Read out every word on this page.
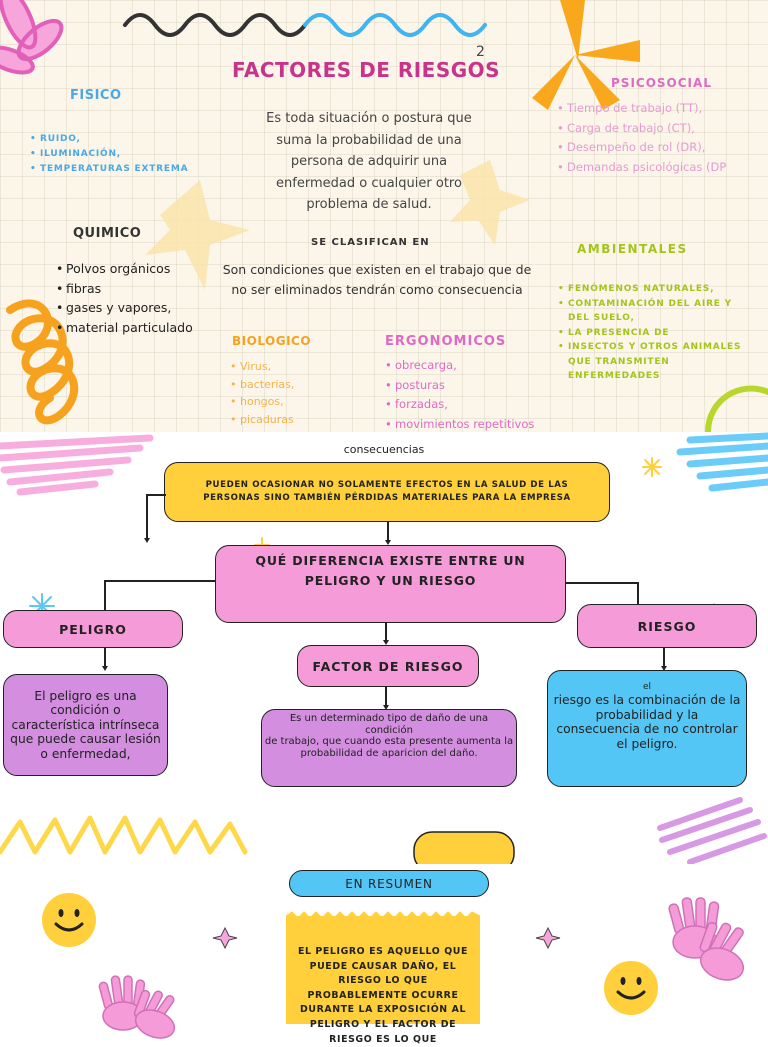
FACTORES DE RIESGOS
2
Es toda situación o postura que suma la probabilidad de una persona de adquirir una enfermedad o cualquier otro problema de salud.
FISICO
• RUIDO,
• ILUMINACIÓN,
• TEMPERATURAS EXTREMA
QUIMICO
• Polvos orgánicos
• fibras
• gases y vapores,
• material particulado
SE CLASIFICAN EN
Son condiciones que existen en el trabajo que de no ser eliminados tendrán como consecuencia
PSICOSOCIAL
• Tiempo de trabajo (TT),
• Carga de trabajo (CT),
• Desempeño de rol (DR),
• Demandas psicológicas (DP
AMBIENTALES
• FENÓMENOS NATURALES,
• CONTAMINACIÓN DEL AIRE Y DEL SUELO,
• LA PRESENCIA DE
• INSECTOS Y OTROS ANIMALES QUE TRANSMITEN ENFERMEDADES
BIOLOGICO
• Virus,
• bacterias,
• hongos,
• picaduras
ERGONOMICOS
• obrecarga,
• posturas
• forzadas,
• movimientos repetitivos
consecuencias
PUEDEN OCASIONAR NO SOLAMENTE EFECTOS EN LA SALUD DE LAS PERSONAS SINO TAMBIÉN PÉRDIDAS MATERIALES PARA LA EMPRESA
QUÉ DIFERENCIA EXISTE ENTRE UN PELIGRO Y UN RIESGO
PELIGRO	RIESGO
FACTOR DE RIESGO
El peligro es una condición o característica intrínseca que puede causar lesión o enfermedad,
Es un determinado tipo de daño de una condición
de trabajo, que cuando esta presente aumenta la
probabilidad de aparicion del daño.
el
riesgo es la combinación de la probabilidad y la consecuencia de no controlar el peligro.
EN RESUMEN
EL PELIGRO ES AQUELLO QUE PUEDE CAUSAR DAÑO, EL RIESGO LO QUE PROBABLEMENTE OCURRE DURANTE LA EXPOSICIÓN AL PELIGRO Y EL FACTOR DE RIESGO ES LO QUE
